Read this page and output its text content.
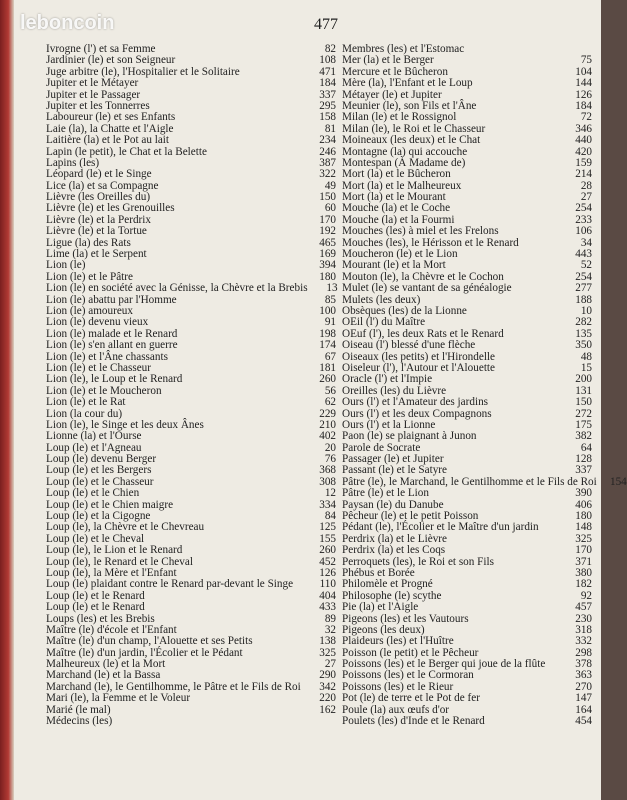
leboncoin	477
Ivrogne (l') et sa Femme	82
Jardinier (le) et son Seigneur	108
Juge arbitre (le), l'Hospitalier et le Solitaire	471
Jupiter et le Métayer	184
Jupiter et le Passager	337
Jupiter et les Tonnerres	295
Laboureur (le) et ses Enfants	158
Laie (la), la Chatte et l'Aigle	81
Laitière (la) et le Pot au lait	234
Lapin (le petit), le Chat et la Belette	246
Lapins (les)	387
Léopard (le) et le Singe	322
Lice (la) et sa Compagne	49
Lièvre (les Oreilles du)	150
Lièvre (le) et les Grenouilles	60
Lièvre (le) et la Perdrix	170
Lièvre (le) et la Tortue	192
Ligue (la) des Rats	465
Lime (la) et le Serpent	169
Lion (le)	394
Lion (le) et le Pâtre	180
Lion (le) en société avec la Génisse, la Chèvre et la Brebis	13
Lion (le) abattu par l'Homme	85
Lion (le) amoureux	100
Lion (le) devenu vieux	91
Lion (le) malade et le Renard	198
Lion (le) s'en allant en guerre	174
Lion (le) et l'Âne chassants	67
Lion (le) et le Chasseur	181
Lion (le), le Loup et le Renard	260
Lion (le) et le Moucheron	56
Lion (le) et le Rat	62
Lion (la cour du)	229
Lion (le), le Singe et les deux Ânes	210
Lionne (la) et l'Ourse	402
Loup (le) et l'Agneau	20
Loup (le) devenu Berger	76
Loup (le) et les Bergers	368
Loup (le) et le Chasseur	308
Loup (le) et le Chien	12
Loup (le) et le Chien maigre	334
Loup (le) et la Cigogne	84
Loup (le), la Chèvre et le Chevreau	125
Loup (le) et le Cheval	155
Loup (le), le Lion et le Renard	260
Loup (le), le Renard et le Cheval	452
Loup (le), la Mère et l'Enfant	126
Loup (le) plaidant contre le Renard par-devant le Singe	110
Loup (le) et le Renard	404
Loup (le) et le Renard	433
Loups (les) et les Brebis	89
Maître (le) d'école et l'Enfant	32
Maître (le) d'un champ, l'Alouette et ses Petits	138
Maître (le) d'un jardin, l'Écolier et le Pédant	325
Malheureux (le) et la Mort	27
Marchand (le) et la Bassa	290
Marchand (le), le Gentilhomme, le Pâtre et le Fils de Roi	342
Mari (le), la Femme et le Voleur	220
Marié (le mal)	162
Médecins (les)
Membres (les) et l'Estomac
Mer (la) et le Berger	75
Mercure et le Bûcheron	104
Mère (la), l'Enfant et le Loup	144
Métayer (le) et Jupiter	126
Meunier (le), son Fils et l'Âne	184
Milan (le) et le Rossignol	72
Milan (le), le Roi et le Chasseur	346
Moineaux (les deux) et le Chat	440
Montagne (la) qui accouche	420
Montespan (À Madame de)	159
Mort (la) et le Bûcheron	214
Mort (la) et le Malheureux	28
Mort (la) et le Mourant	27
Mouche (la) et le Coche	254
Mouche (la) et la Fourmi	233
Mouches (les) à miel et les Frelons	106
Mouches (les), le Hérisson et le Renard	34
Moucheron (le) et le Lion	443
Mourant (le) et la Mort	52
Mouton (le), la Chèvre et le Cochon	254
Mulet (le) se vantant de sa généalogie	277
Mulets (les deux)	188
Obsèques (les) de la Lionne	10
OEil (l') du Maître	282
OEuf (l'), les deux Rats et le Renard	135
Oiseau (l') blessé d'une flèche	350
Oiseaux (les petits) et l'Hirondelle	48
Oiseleur (l'), l'Autour et l'Alouette	15
Oracle (l') et l'Impie	200
Oreilles (les) du Lièvre	131
Ours (l') et l'Amateur des jardins	150
Ours (l') et les deux Compagnons	272
Ours (l') et la Lionne	175
Paon (le) se plaignant à Junon	382
Parole de Socrate	64
Passager (le) et Jupiter	128
Passant (le) et le Satyre	337
Pâtre (le), le Marchand, le Gentilhomme et le Fils de Roi	154
Pâtre (le) et le Lion	390
Paysan (le) du Danube	406
Pêcheur (le) et le petit Poisson	180
Pédant (le), l'Écolier et le Maître d'un jardin	148
Perdrix (la) et le Lièvre	325
Perdrix (la) et les Coqs	170
Perroquets (les), le Roi et son Fils	371
Phébus et Borée	380
Philomèle et Progné	182
Philosophe (le) scythe	92
Pie (la) et l'Aigle	457
Pigeons (les) et les Vautours	230
Pigeons (les deux)	318
Plaideurs (les) et l'Huître	332
Poisson (le petit) et le Pêcheur	298
Poissons (les) et le Berger qui joue de la flûte	378
Poissons (les) et le Cormoran	363
Poissons (les) et le Rieur	270
Pot (le) de terre et le Pot de fer	147
Poule (la) aux œufs d'or	164
Poulets (les) d'Inde et le Renard	454
